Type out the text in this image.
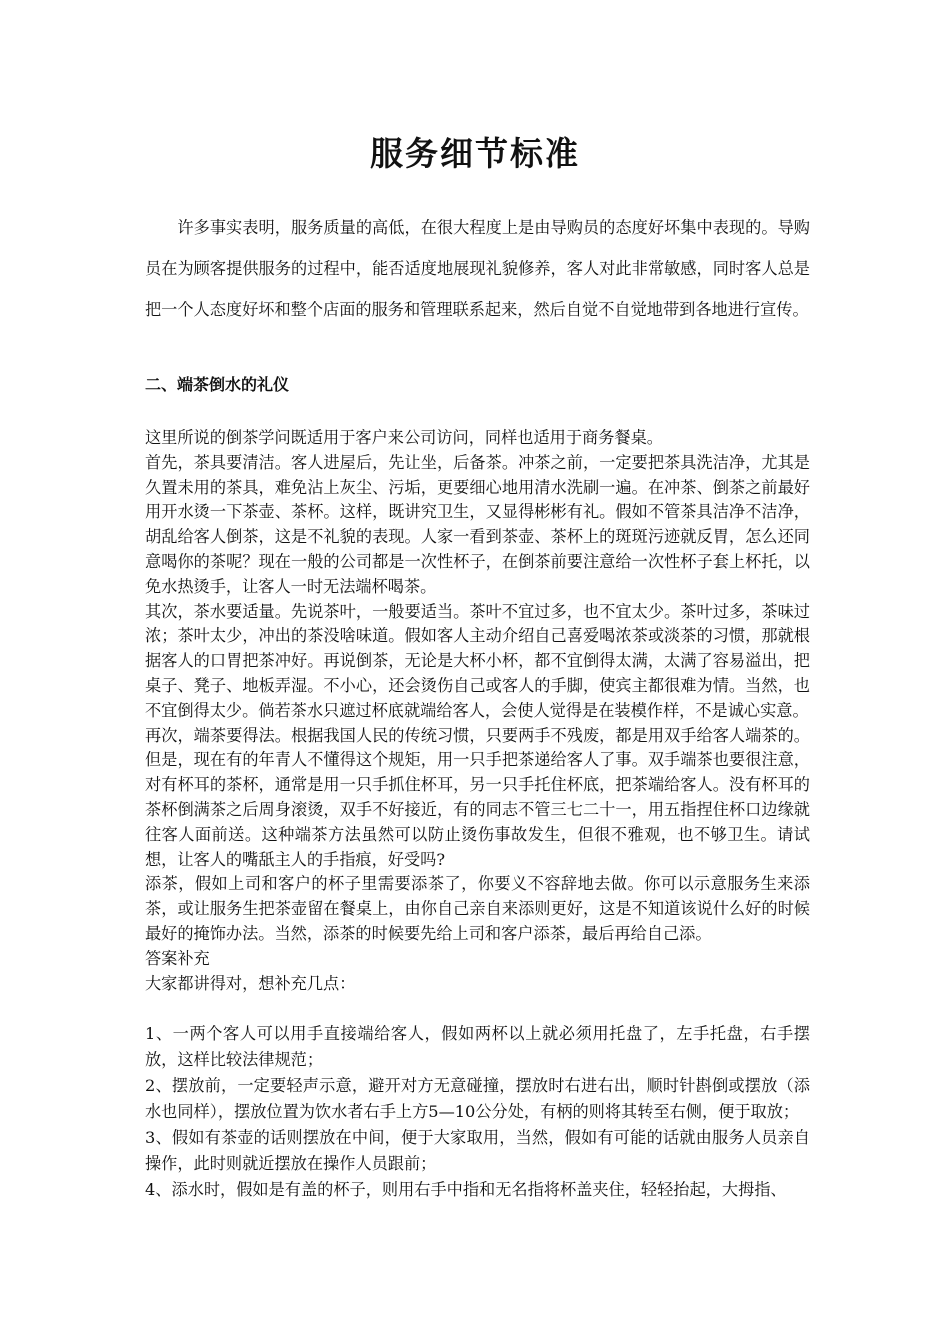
服务细节标准

许多事实表明，服务质量的高低，在很大程度上是由导购员的态度好坏集中表现的。导购员在为顾客提供服务的过程中，能否适度地展现礼貌修养，客人对此非常敏感，同时客人总是把一个人态度好坏和整个店面的服务和管理联系起来，然后自觉不自觉地带到各地进行宣传。

二、端茶倒水的礼仪

这里所说的倒茶学问既适用于客户来公司访问，同样也适用于商务餐桌。

首先，茶具要清洁。客人进屋后，先让坐，后备茶。冲茶之前，一定要把茶具洗洁净，尤其是久置未用的茶具，难免沾上灰尘、污垢，更要细心地用清水洗刷一遍。在冲茶、倒茶之前最好用开水烫一下茶壶、茶杯。这样，既讲究卫生，又显得彬彬有礼。假如不管茶具洁净不洁净，胡乱给客人倒茶，这是不礼貌的表现。人家一看到茶壶、茶杯上的斑斑污迹就反胃，怎么还同意喝你的茶呢？现在一般的公司都是一次性杯子，在倒茶前要注意给一次性杯子套上杯托，以免水热烫手，让客人一时无法端杯喝茶。

其次，茶水要适量。先说茶叶，一般要适当。茶叶不宜过多，也不宜太少。茶叶过多，茶味过浓；茶叶太少，冲出的茶没啥味道。假如客人主动介绍自己喜爱喝浓茶或淡茶的习惯，那就根据客人的口胃把茶冲好。再说倒茶，无论是大杯小杯，都不宜倒得太满，太满了容易溢出，把桌子、凳子、地板弄湿。不小心，还会烫伤自己或客人的手脚，使宾主都很难为情。当然，也不宜倒得太少。倘若茶水只遮过杯底就端给客人，会使人觉得是在装模作样，不是诚心实意。

再次，端茶要得法。根据我国人民的传统习惯，只要两手不残废，都是用双手给客人端茶的。但是，现在有的年青人不懂得这个规矩，用一只手把茶递给客人了事。双手端茶也要很注意，对有杯耳的茶杯，通常是用一只手抓住杯耳，另一只手托住杯底，把茶端给客人。没有杯耳的茶杯倒满茶之后周身滚烫，双手不好接近，有的同志不管三七二十一，用五指捏住杯口边缘就往客人面前送。这种端茶方法虽然可以防止烫伤事故发生，但很不雅观，也不够卫生。请试想，让客人的嘴舐主人的手指痕，好受吗?

添茶，假如上司和客户的杯子里需要添茶了，你要义不容辞地去做。你可以示意服务生来添茶，或让服务生把茶壶留在餐桌上，由你自己亲自来添则更好，这是不知道该说什么好的时候最好的掩饰办法。当然，添茶的时候要先给上司和客户添茶，最后再给自己添。

答案补充

大家都讲得对，想补充几点：

1、一两个客人可以用手直接端给客人，假如两杯以上就必须用托盘了，左手托盘，右手摆放，这样比较法律规范；

2、摆放前，一定要轻声示意，避开对方无意碰撞，摆放时右进右出，顺时针斟倒或摆放（添水也同样），摆放位置为饮水者右手上方5—10公分处，有柄的则将其转至右侧，便于取放；

3、假如有茶壶的话则摆放在中间，便于大家取用，当然，假如有可能的话就由服务人员亲自操作，此时则就近摆放在操作人员跟前；

4、添水时，假如是有盖的杯子，则用右手中指和无名指将杯盖夹住，轻轻抬起，大拇指、
